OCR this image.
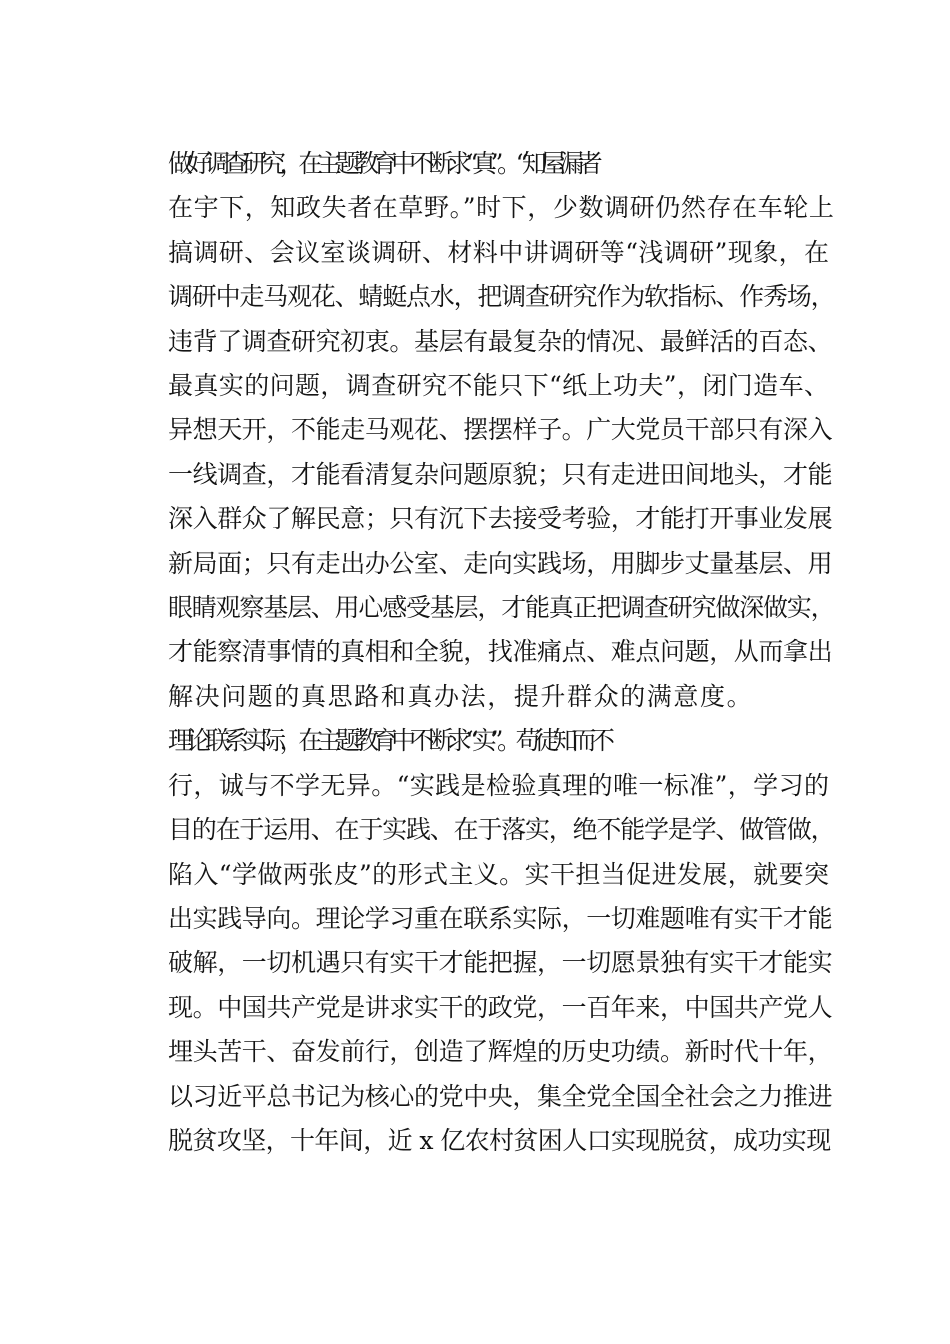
做好调查研究，在主题教育中不断求“真”。“知屋漏者
在宇下，知政失者在草野。”时下，少数调研仍然存在车轮上
搞调研、会议室谈调研、材料中讲调研等“浅调研”现象，在
调研中走马观花、蜻蜓点水，把调查研究作为软指标、作秀场，
违背了调查研究初衷。基层有最复杂的情况、最鲜活的百态、
最真实的问题，调查研究不能只下“纸上功夫”，闭门造车、
异想天开，不能走马观花、摆摆样子。广大党员干部只有深入
一线调查，才能看清复杂问题原貌；只有走进田间地头，才能
深入群众了解民意；只有沉下去接受考验，才能打开事业发展
新局面；只有走出办公室、走向实践场，用脚步丈量基层、用
眼睛观察基层、用心感受基层，才能真正把调查研究做深做实，
才能察清事情的真相和全貌，找准痛点、难点问题，从而拿出
解决问题的真思路和真办法，提升群众的满意度。
理论联系实际，在主题教育中不断求“实”。苟徒知而不
行，诚与不学无异。“实践是检验真理的唯一标准”，学习的
目的在于运用、在于实践、在于落实，绝不能学是学、做管做，
陷入“学做两张皮”的形式主义。实干担当促进发展，就要突
出实践导向。理论学习重在联系实际，一切难题唯有实干才能
破解，一切机遇只有实干才能把握，一切愿景独有实干才能实
现。中国共产党是讲求实干的政党，一百年来，中国共产党人
埋头苦干、奋发前行，创造了辉煌的历史功绩。新时代十年，
以习近平总书记为核心的党中央，集全党全国全社会之力推进
脱贫攻坚，十年间，近 x 亿农村贫困人口实现脱贫，成功实现
